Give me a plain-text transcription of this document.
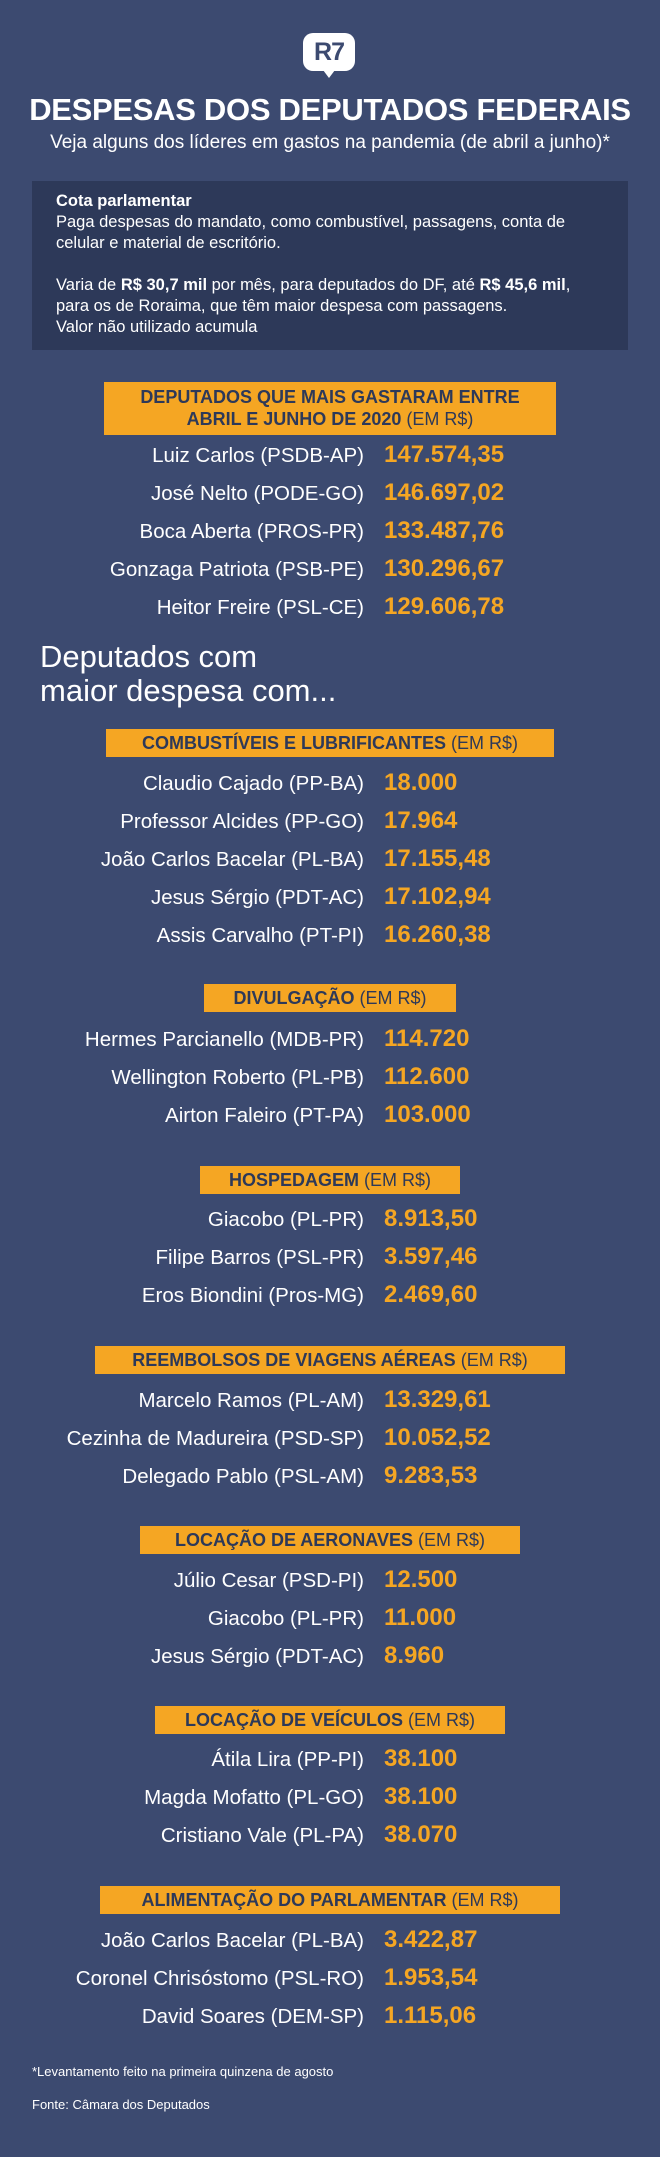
R7
DESPESAS DOS DEPUTADOS FEDERAIS
Veja alguns dos líderes em gastos na pandemia (de abril a junho)*

Cota parlamentar

Paga despesas do mandato, como combustível, passagens, conta de

celular e material de escritório.

Varia de R$ 30,7 mil por mês, para deputados do DF, até R$ 45,6 mil,

para os de Roraima, que têm maior despesa com passagens.

Valor não utilizado acumula

DEPUTADOS QUE MAIS GASTARAM ENTRE
ABRIL E JUNHO DE 2020 (EM R$)
Luiz Carlos (PSDB-AP) 147.574,35
José Nelto (PODE-GO) 146.697,02
Boca Aberta (PROS-PR) 133.487,76
Gonzaga Patriota (PSB-PE) 130.296,67
Heitor Freire (PSL-CE) 129.606,78
Deputados com
maior despesa com...
COMBUSTÍVEIS E LUBRIFICANTES (EM R$)
Claudio Cajado (PP-BA) 18.000
Professor Alcides (PP-GO) 17.964
João Carlos Bacelar (PL-BA) 17.155,48
Jesus Sérgio (PDT-AC) 17.102,94
Assis Carvalho (PT-PI) 16.260,38
DIVULGAÇÃO (EM R$)
Hermes Parcianello (MDB-PR) 114.720
Wellington Roberto (PL-PB) 112.600
Airton Faleiro (PT-PA) 103.000
HOSPEDAGEM (EM R$)
Giacobo (PL-PR) 8.913,50
Filipe Barros (PSL-PR) 3.597,46
Eros Biondini (Pros-MG) 2.469,60
REEMBOLSOS DE VIAGENS AÉREAS (EM R$)
Marcelo Ramos (PL-AM) 13.329,61
Cezinha de Madureira (PSD-SP) 10.052,52
Delegado Pablo (PSL-AM) 9.283,53
LOCAÇÃO DE AERONAVES (EM R$)
Júlio Cesar (PSD-PI) 12.500
Giacobo (PL-PR) 11.000
Jesus Sérgio (PDT-AC) 8.960
LOCAÇÃO DE VEÍCULOS (EM R$)
Átila Lira (PP-PI) 38.100
Magda Mofatto (PL-GO) 38.100
Cristiano Vale (PL-PA) 38.070
ALIMENTAÇÃO DO PARLAMENTAR (EM R$)
João Carlos Bacelar (PL-BA) 3.422,87
Coronel Chrisóstomo (PSL-RO) 1.953,54
David Soares (DEM-SP) 1.115,06
*Levantamento feito na primeira quinzena de agosto
Fonte: Câmara dos Deputados
